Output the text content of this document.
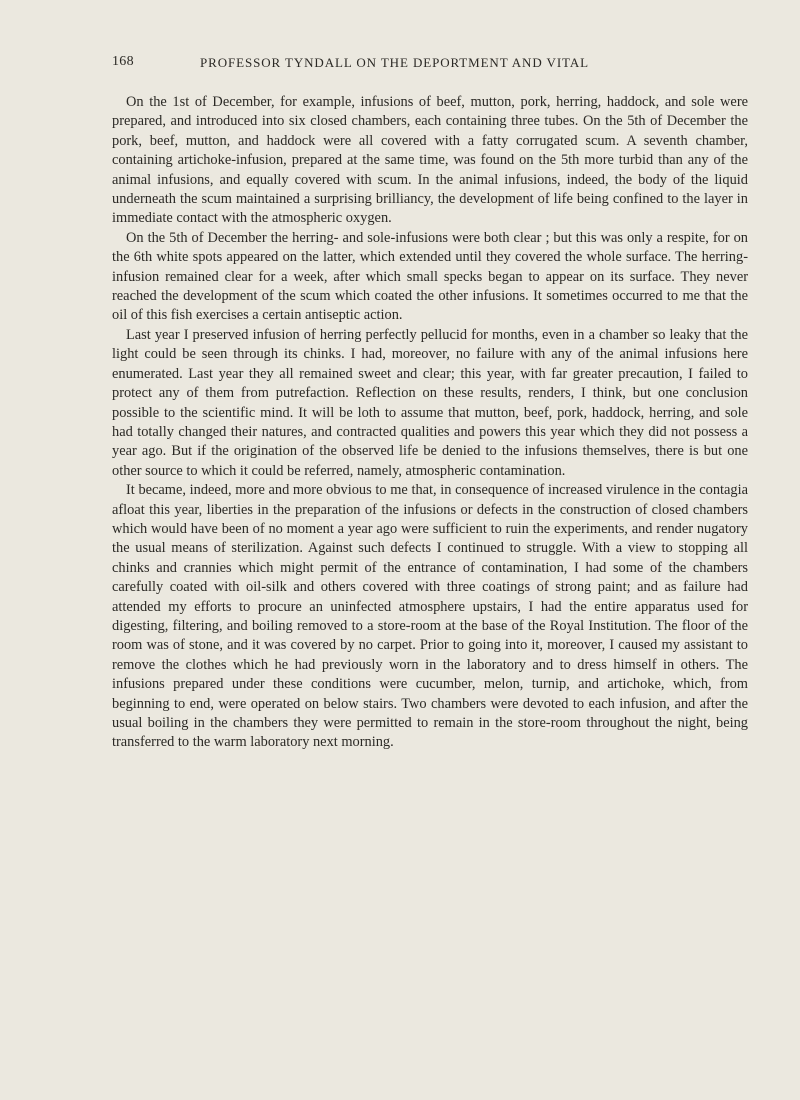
168	PROFESSOR TYNDALL ON THE DEPORTMENT AND VITAL

On the 1st of December, for example, infusions of beef, mutton, pork, herring, haddock, and sole were prepared, and introduced into six closed chambers, each containing three tubes. On the 5th of December the pork, beef, mutton, and haddock were all covered with a fatty corrugated scum. A seventh chamber, containing artichoke-infusion, prepared at the same time, was found on the 5th more turbid than any of the animal infusions, and equally covered with scum. In the animal infusions, indeed, the body of the liquid underneath the scum maintained a surprising brilliancy, the development of life being confined to the layer in immediate contact with the atmospheric oxygen.

On the 5th of December the herring- and sole-infusions were both clear ; but this was only a respite, for on the 6th white spots appeared on the latter, which extended until they covered the whole surface. The herring-infusion remained clear for a week, after which small specks began to appear on its surface. They never reached the development of the scum which coated the other infusions. It sometimes occurred to me that the oil of this fish exercises a certain antiseptic action.

Last year I preserved infusion of herring perfectly pellucid for months, even in a chamber so leaky that the light could be seen through its chinks. I had, moreover, no failure with any of the animal infusions here enumerated. Last year they all remained sweet and clear; this year, with far greater precaution, I failed to protect any of them from putrefaction. Reflection on these results, renders, I think, but one conclusion possible to the scientific mind. It will be loth to assume that mutton, beef, pork, haddock, herring, and sole had totally changed their natures, and contracted qualities and powers this year which they did not possess a year ago. But if the origination of the observed life be denied to the infusions themselves, there is but one other source to which it could be referred, namely, atmospheric contamination.

It became, indeed, more and more obvious to me that, in consequence of increased virulence in the contagia afloat this year, liberties in the preparation of the infusions or defects in the construction of closed chambers which would have been of no moment a year ago were sufficient to ruin the experiments, and render nugatory the usual means of sterilization. Against such defects I continued to struggle. With a view to stopping all chinks and crannies which might permit of the entrance of contamination, I had some of the chambers carefully coated with oil-silk and others covered with three coatings of strong paint; and as failure had attended my efforts to procure an uninfected atmosphere upstairs, I had the entire apparatus used for digesting, filtering, and boiling removed to a store-room at the base of the Royal Institution. The floor of the room was of stone, and it was covered by no carpet. Prior to going into it, moreover, I caused my assistant to remove the clothes which he had previously worn in the laboratory and to dress himself in others. The infusions prepared under these conditions were cucumber, melon, turnip, and artichoke, which, from beginning to end, were operated on below stairs. Two chambers were devoted to each infusion, and after the usual boiling in the chambers they were permitted to remain in the store-room throughout the night, being transferred to the warm laboratory next morning.
